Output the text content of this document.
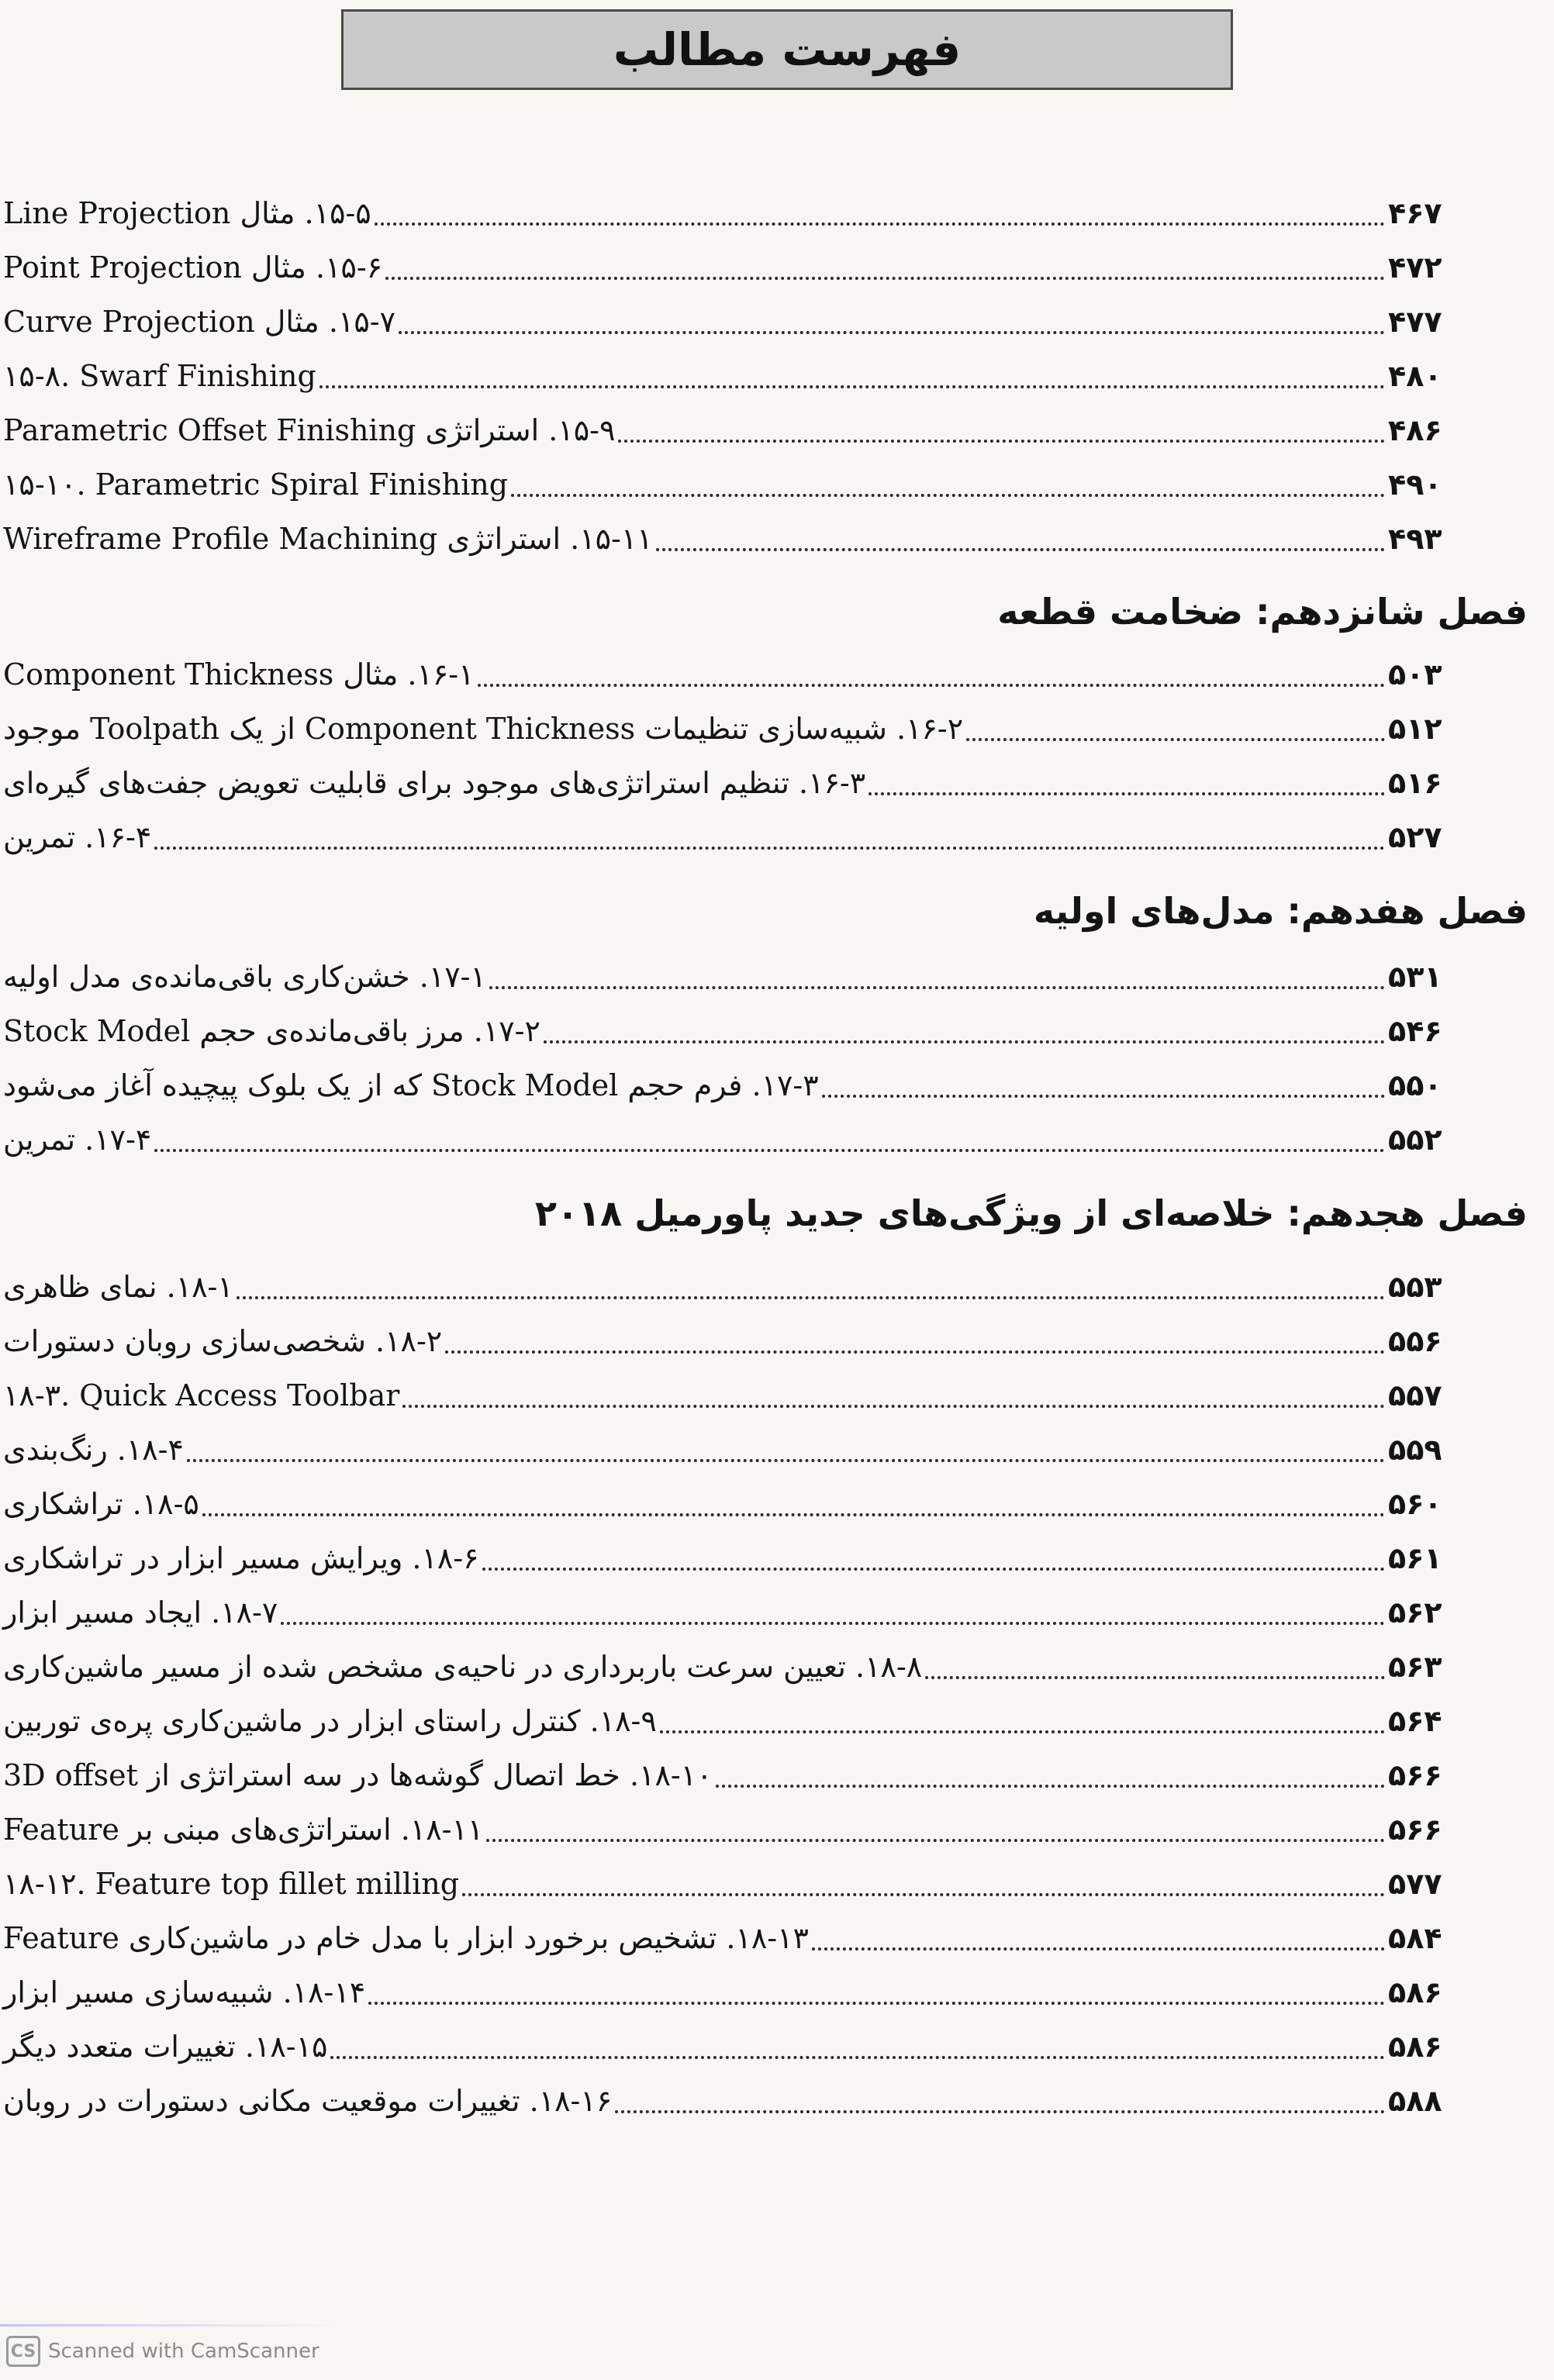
فهرست مطالب
۱۵-۵. مثال Line Projection	۴۶۷
۱۵-۶. مثال Point Projection	۴۷۲
۱۵-۷. مثال Curve Projection	۴۷۷
۱۵-۸. Swarf Finishing	۴۸۰
۱۵-۹. استراتژی Parametric Offset Finishing	۴۸۶
۱۵-۱۰. Parametric Spiral Finishing	۴۹۰
۱۵-۱۱. استراتژی Wireframe Profile Machining	۴۹۳
فصل شانزدهم: ضخامت قطعه
۱۶-۱. مثال Component Thickness	۵۰۳
۱۶-۲. شبیه‌سازی تنظیمات Component Thickness از یک Toolpath موجود	۵۱۲
۱۶-۳. تنظیم استراتژی‌های موجود برای قابلیت تعویض جفت‌های گیره‌ای	۵۱۶
۱۶-۴. تمرین	۵۲۷
فصل هفدهم: مدل‌های اولیه
۱۷-۱. خشن‌کاری باقی‌مانده‌ی مدل اولیه	۵۳۱
۱۷-۲. مرز باقی‌مانده‌ی حجم Stock Model	۵۴۶
۱۷-۳. فرم حجم Stock Model که از یک بلوک پیچیده آغاز می‌شود	۵۵۰
۱۷-۴. تمرین	۵۵۲
فصل هجدهم: خلاصه‌ای از ویژگی‌های جدید پاورمیل ۲۰۱۸
۱۸-۱. نمای ظاهری	۵۵۳
۱۸-۲. شخصی‌سازی روبان دستورات	۵۵۶
۱۸-۳. Quick Access Toolbar	۵۵۷
۱۸-۴. رنگ‌بندی	۵۵۹
۱۸-۵. تراشکاری	۵۶۰
۱۸-۶. ویرایش مسیر ابزار در تراشکاری	۵۶۱
۱۸-۷. ایجاد مسیر ابزار	۵۶۲
۱۸-۸. تعیین سرعت باربرداری در ناحیه‌ی مشخص شده از مسیر ماشین‌کاری	۵۶۳
۱۸-۹. کنترل راستای ابزار در ماشین‌کاری پره‌ی توربین	۵۶۴
۱۸-۱۰. خط اتصال گوشه‌ها در سه استراتژی از 3D offset	۵۶۶
۱۸-۱۱. استراتژی‌های مبنی بر Feature	۵۶۶
۱۸-۱۲. Feature top fillet milling	۵۷۷
۱۸-۱۳. تشخیص برخورد ابزار با مدل خام در ماشین‌کاری Feature	۵۸۴
۱۸-۱۴. شبیه‌سازی مسیر ابزار	۵۸۶
۱۸-۱۵. تغییرات متعدد دیگر	۵۸۶
۱۸-۱۶. تغییرات موقعیت مکانی دستورات در روبان	۵۸۸
CS Scanned with CamScanner
